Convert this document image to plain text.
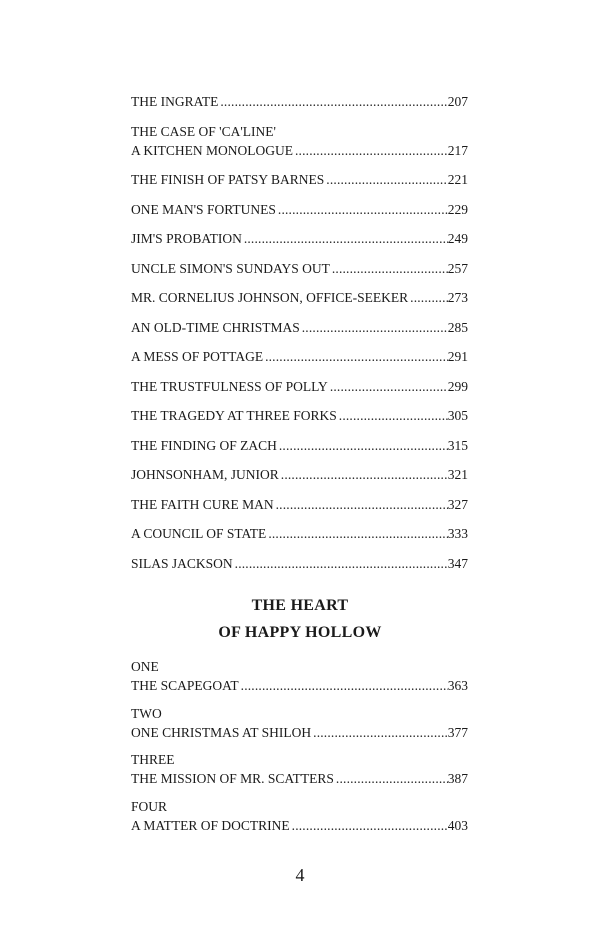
THE INGRATE . . .	207
THE CASE OF 'CA'LINE'
A KITCHEN MONOLOGUE . . .	217
THE FINISH OF PATSY BARNES . . .	221
ONE MAN'S FORTUNES . . .	229
JIM'S PROBATION . . .	249
UNCLE SIMON'S SUNDAYS OUT . . .	257
MR. CORNELIUS JOHNSON, OFFICE-SEEKER . . .	273
AN OLD-TIME CHRISTMAS . . .	285
A MESS OF POTTAGE . . .	291
THE TRUSTFULNESS OF POLLY . . .	299
THE TRAGEDY AT THREE FORKS . . .	305
THE FINDING OF ZACH . . .	315
JOHNSONHAM, JUNIOR . . .	321
THE FAITH CURE MAN . . .	327
A COUNCIL OF STATE . . .	333
SILAS JACKSON . . .	347
THE HEART
OF HAPPY HOLLOW
ONE
THE SCAPEGOAT . . .	363
TWO
ONE CHRISTMAS AT SHILOH . . .	377
THREE
THE MISSION OF MR. SCATTERS . . .	387
FOUR
A MATTER OF DOCTRINE . . .	403
4
